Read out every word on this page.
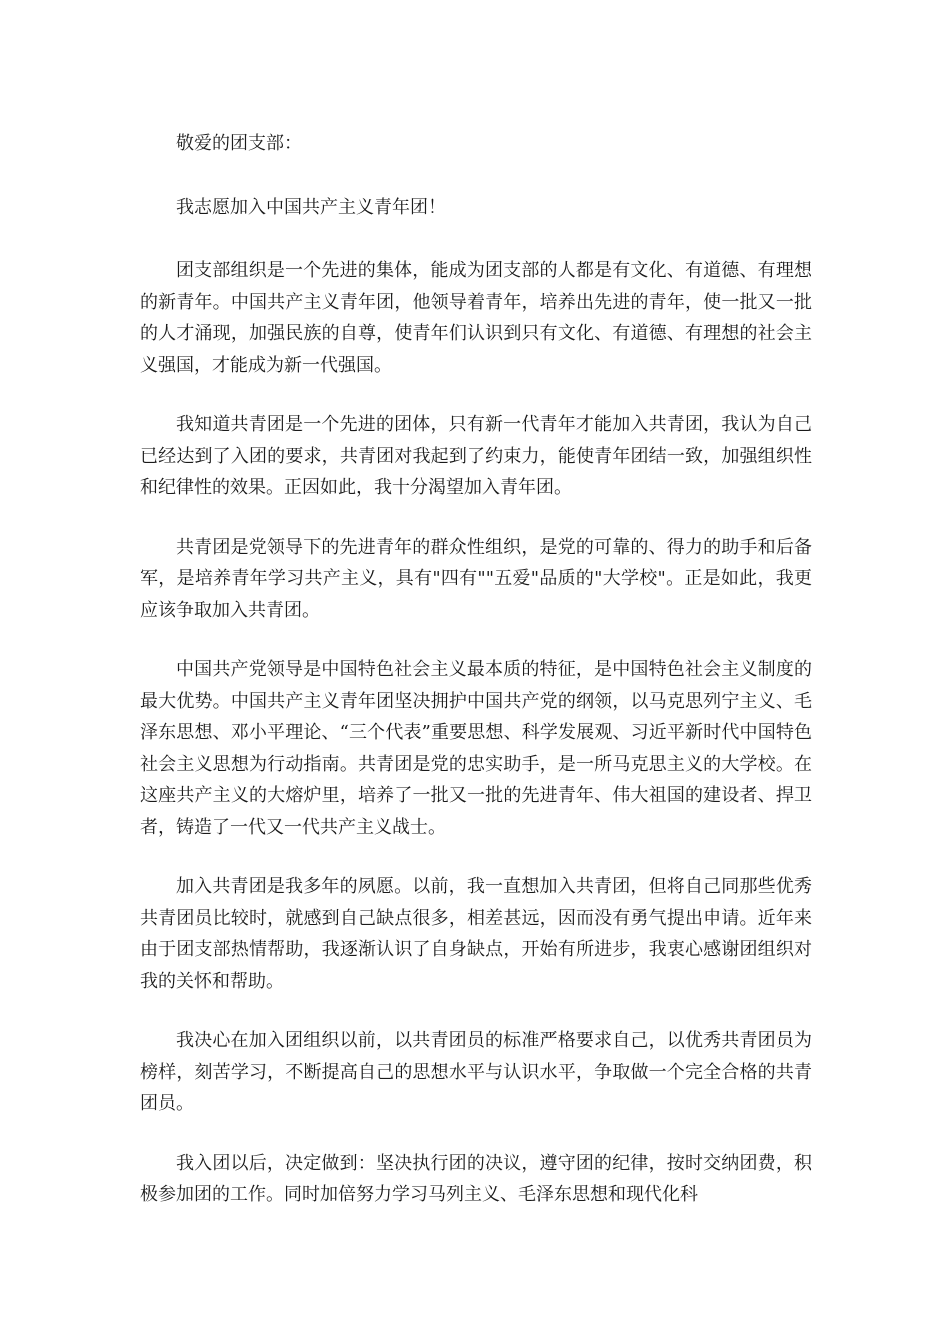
敬爱的团支部：

我志愿加入中国共产主义青年团！

团支部组织是一个先进的集体，能成为团支部的人都是有文化、有道德、有理想的新青年。中国共产主义青年团，他领导着青年，培养出先进的青年，使一批又一批的人才涌现，加强民族的自尊，使青年们认识到只有文化、有道德、有理想的社会主义强国，才能成为新一代强国。

我知道共青团是一个先进的团体，只有新一代青年才能加入共青团，我认为自己已经达到了入团的要求，共青团对我起到了约束力，能使青年团结一致，加强组织性和纪律性的效果。正因如此，我十分渴望加入青年团。

共青团是党领导下的先进青年的群众性组织，是党的可靠的、得力的助手和后备军，是培养青年学习共产主义，具有"四有""五爱"品质的"大学校"。正是如此，我更应该争取加入共青团。

中国共产党领导是中国特色社会主义最本质的特征，是中国特色社会主义制度的最大优势。中国共产主义青年团坚决拥护中国共产党的纲领，以马克思列宁主义、毛泽东思想、邓小平理论、“三个代表”重要思想、科学发展观、习近平新时代中国特色社会主义思想为行动指南。共青团是党的忠实助手，是一所马克思主义的大学校。在这座共产主义的大熔炉里，培养了一批又一批的先进青年、伟大祖国的建设者、捍卫者，铸造了一代又一代共产主义战士。

加入共青团是我多年的夙愿。以前，我一直想加入共青团，但将自己同那些优秀共青团员比较时，就感到自己缺点很多，相差甚远，因而没有勇气提出申请。近年来由于团支部热情帮助，我逐渐认识了自身缺点，开始有所进步，我衷心感谢团组织对我的关怀和帮助。

我决心在加入团组织以前，以共青团员的标准严格要求自己，以优秀共青团员为榜样，刻苦学习，不断提高自己的思想水平与认识水平，争取做一个完全合格的共青团员。

我入团以后，决定做到：坚决执行团的决议，遵守团的纪律，按时交纳团费，积极参加团的工作。同时加倍努力学习马列主义、毛泽东思想和现代化科
